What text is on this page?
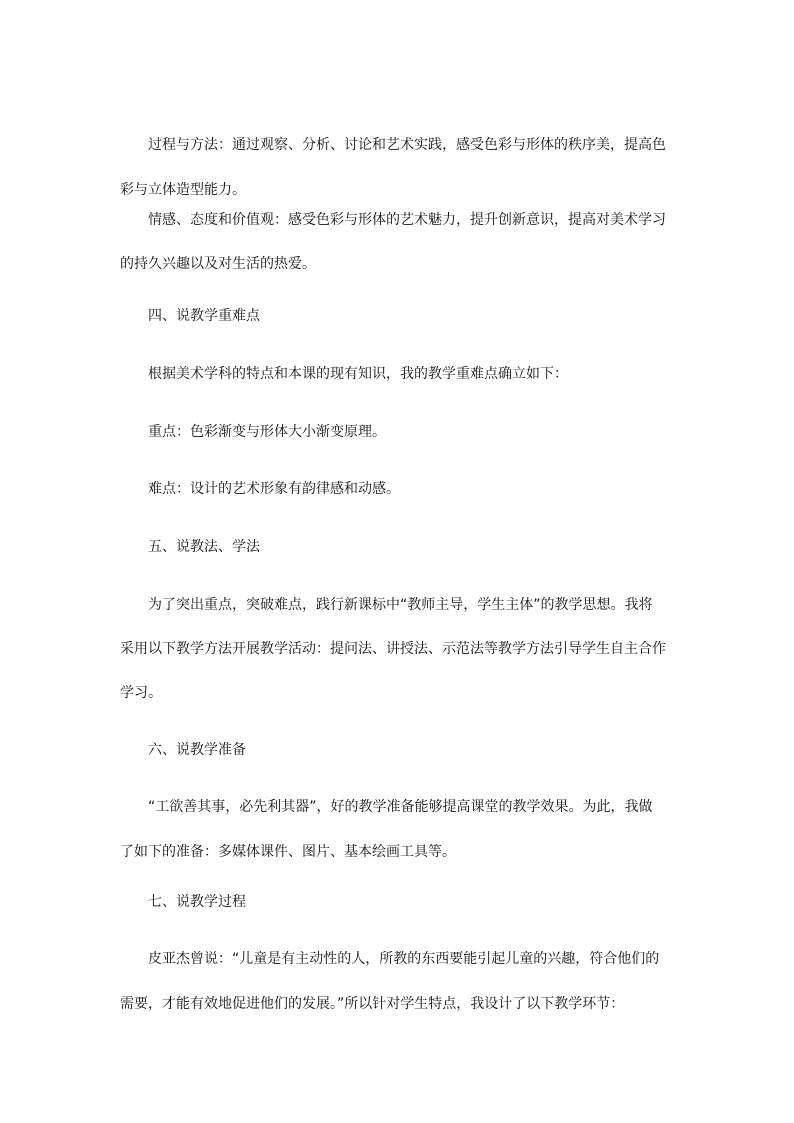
过程与方法：通过观察、分析、讨论和艺术实践，感受色彩与形体的秩序美，提高色
彩与立体造型能力。
情感、态度和价值观：感受色彩与形体的艺术魅力，提升创新意识，提高对美术学习
的持久兴趣以及对生活的热爱。
四、说教学重难点
根据美术学科的特点和本课的现有知识，我的教学重难点确立如下：
重点：色彩渐变与形体大小渐变原理。
难点：设计的艺术形象有韵律感和动感。
五、说教法、学法
为了突出重点，突破难点，践行新课标中“教师主导，学生主体”的教学思想。我将
采用以下教学方法开展教学活动：提问法、讲授法、示范法等教学方法引导学生自主合作
学习。
六、说教学准备
“工欲善其事，必先利其器”，好的教学准备能够提高课堂的教学效果。为此，我做
了如下的准备：多媒体课件、图片、基本绘画工具等。
七、说教学过程
皮亚杰曾说：“儿童是有主动性的人，所教的东西要能引起儿童的兴趣，符合他们的
需要，才能有效地促进他们的发展。”所以针对学生特点，我设计了以下教学环节：
